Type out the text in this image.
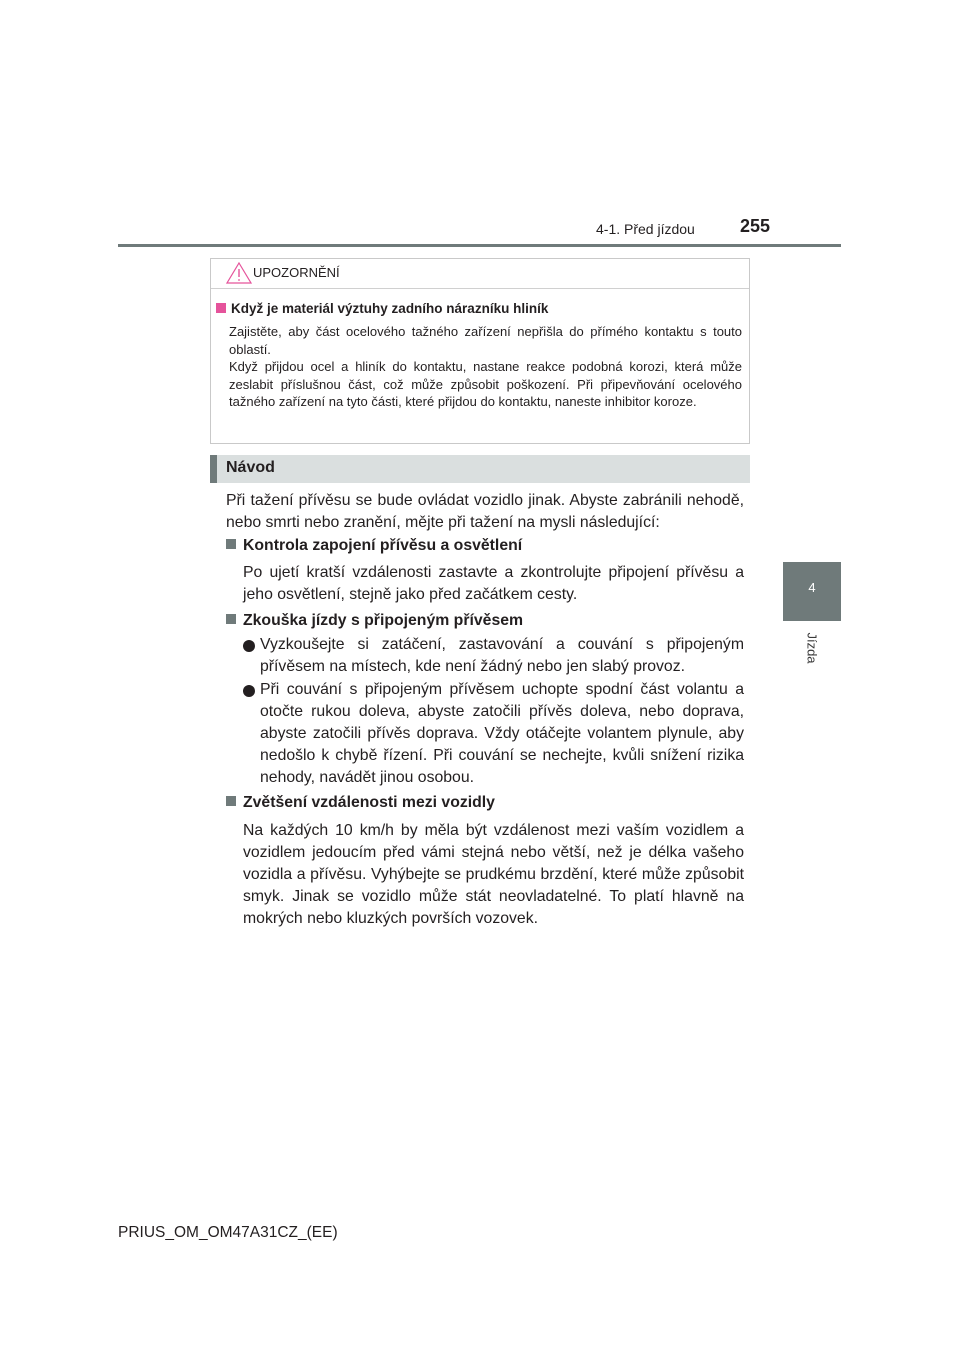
4-1. Před jízdou	255
4
Jízda
UPOZORNĚNÍ
Když je materiál výztuhy zadního nárazníku hliník

Zajistěte, aby část ocelového tažného zařízení nepřišla do přímého kontaktu s touto oblastí.

Když přijdou ocel a hliník do kontaktu, nastane reakce podobná korozi, která může zeslabit příslušnou část, což může způsobit poškození. Při připevňování ocelového tažného zařízení na tyto části, které přijdou do kontaktu, naneste inhibitor koroze.

Návod

Při tažení přívěsu se bude ovládat vozidlo jinak. Abyste zabránili nehodě, nebo smrti nebo zranění, mějte při tažení na mysli následující:

Kontrola zapojení přívěsu a osvětlení

Po ujetí kratší vzdálenosti zastavte a zkontrolujte připojení přívěsu a jeho osvětlení, stejně jako před začátkem cesty.

Zkouška jízdy s připojeným přívěsem

Vyzkoušejte si zatáčení, zastavování a couvání s připojeným přívěsem na místech, kde není žádný nebo jen slabý provoz.

Při couvání s připojeným přívěsem uchopte spodní část volantu a otočte rukou doleva, abyste zatočili přívěs doleva, nebo doprava, abyste zatočili přívěs doprava. Vždy otáčejte volantem plynule, aby nedošlo k chybě řízení. Při couvání se nechejte, kvůli snížení rizika nehody, navádět jinou osobou.

Zvětšení vzdálenosti mezi vozidly

Na každých 10 km/h by měla být vzdálenost mezi vaším vozidlem a vozidlem jedoucím před vámi stejná nebo větší, než je délka vašeho vozidla a přívěsu. Vyhýbejte se prudkému brzdění, které může způsobit smyk. Jinak se vozidlo může stát neovladatelné. To platí hlavně na mokrých nebo kluzkých površích vozovek.

PRIUS_OM_OM47A31CZ_(EE)
